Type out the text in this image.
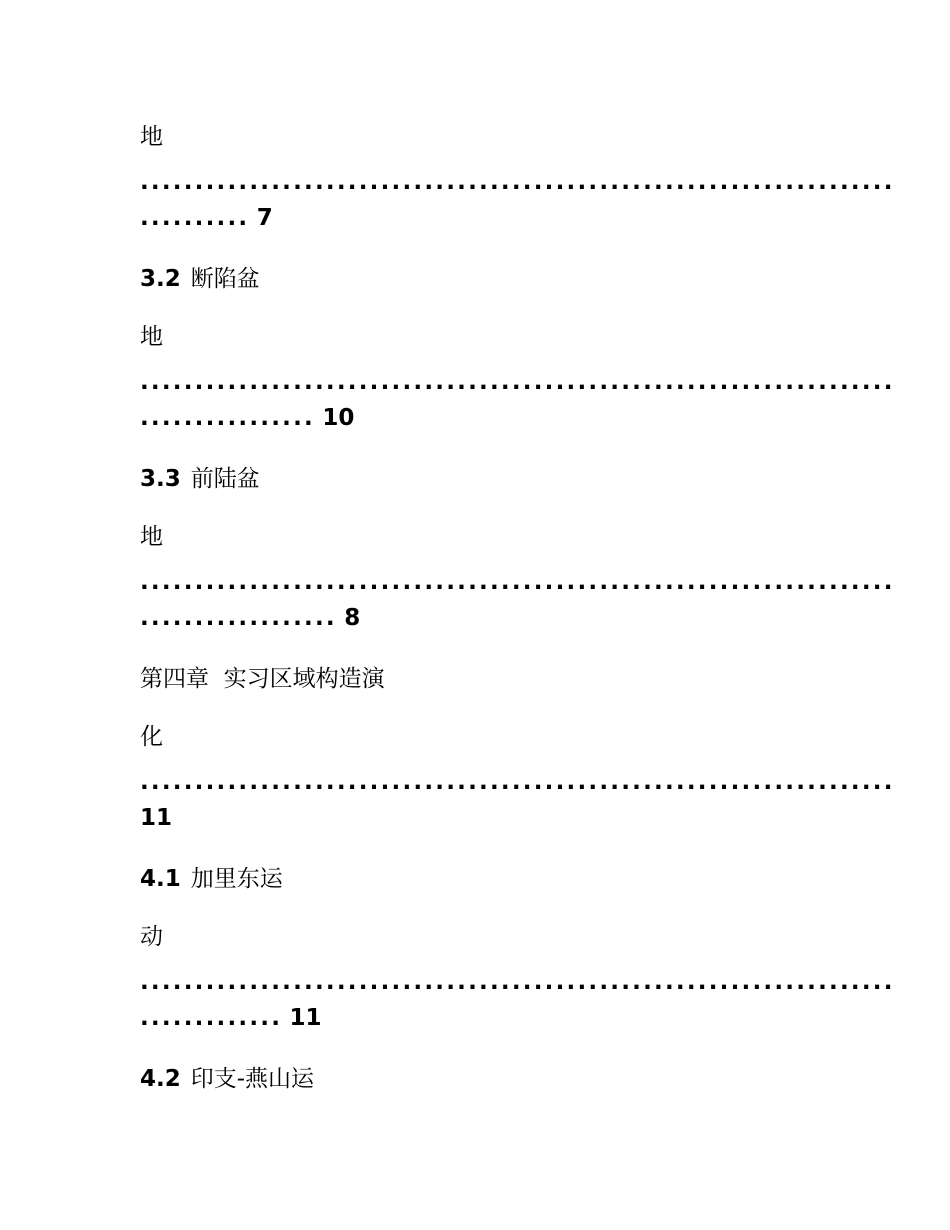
地
.....................................................................
.......... 7
3.2 断陷盆
地
.....................................................................
................ 10
3.3 前陆盆
地
.....................................................................
.................. 8
第四章  实习区域构造演
化
.....................................................................
11
4.1 加里东运
动
.....................................................................
............. 11
4.2 印支-燕山运
